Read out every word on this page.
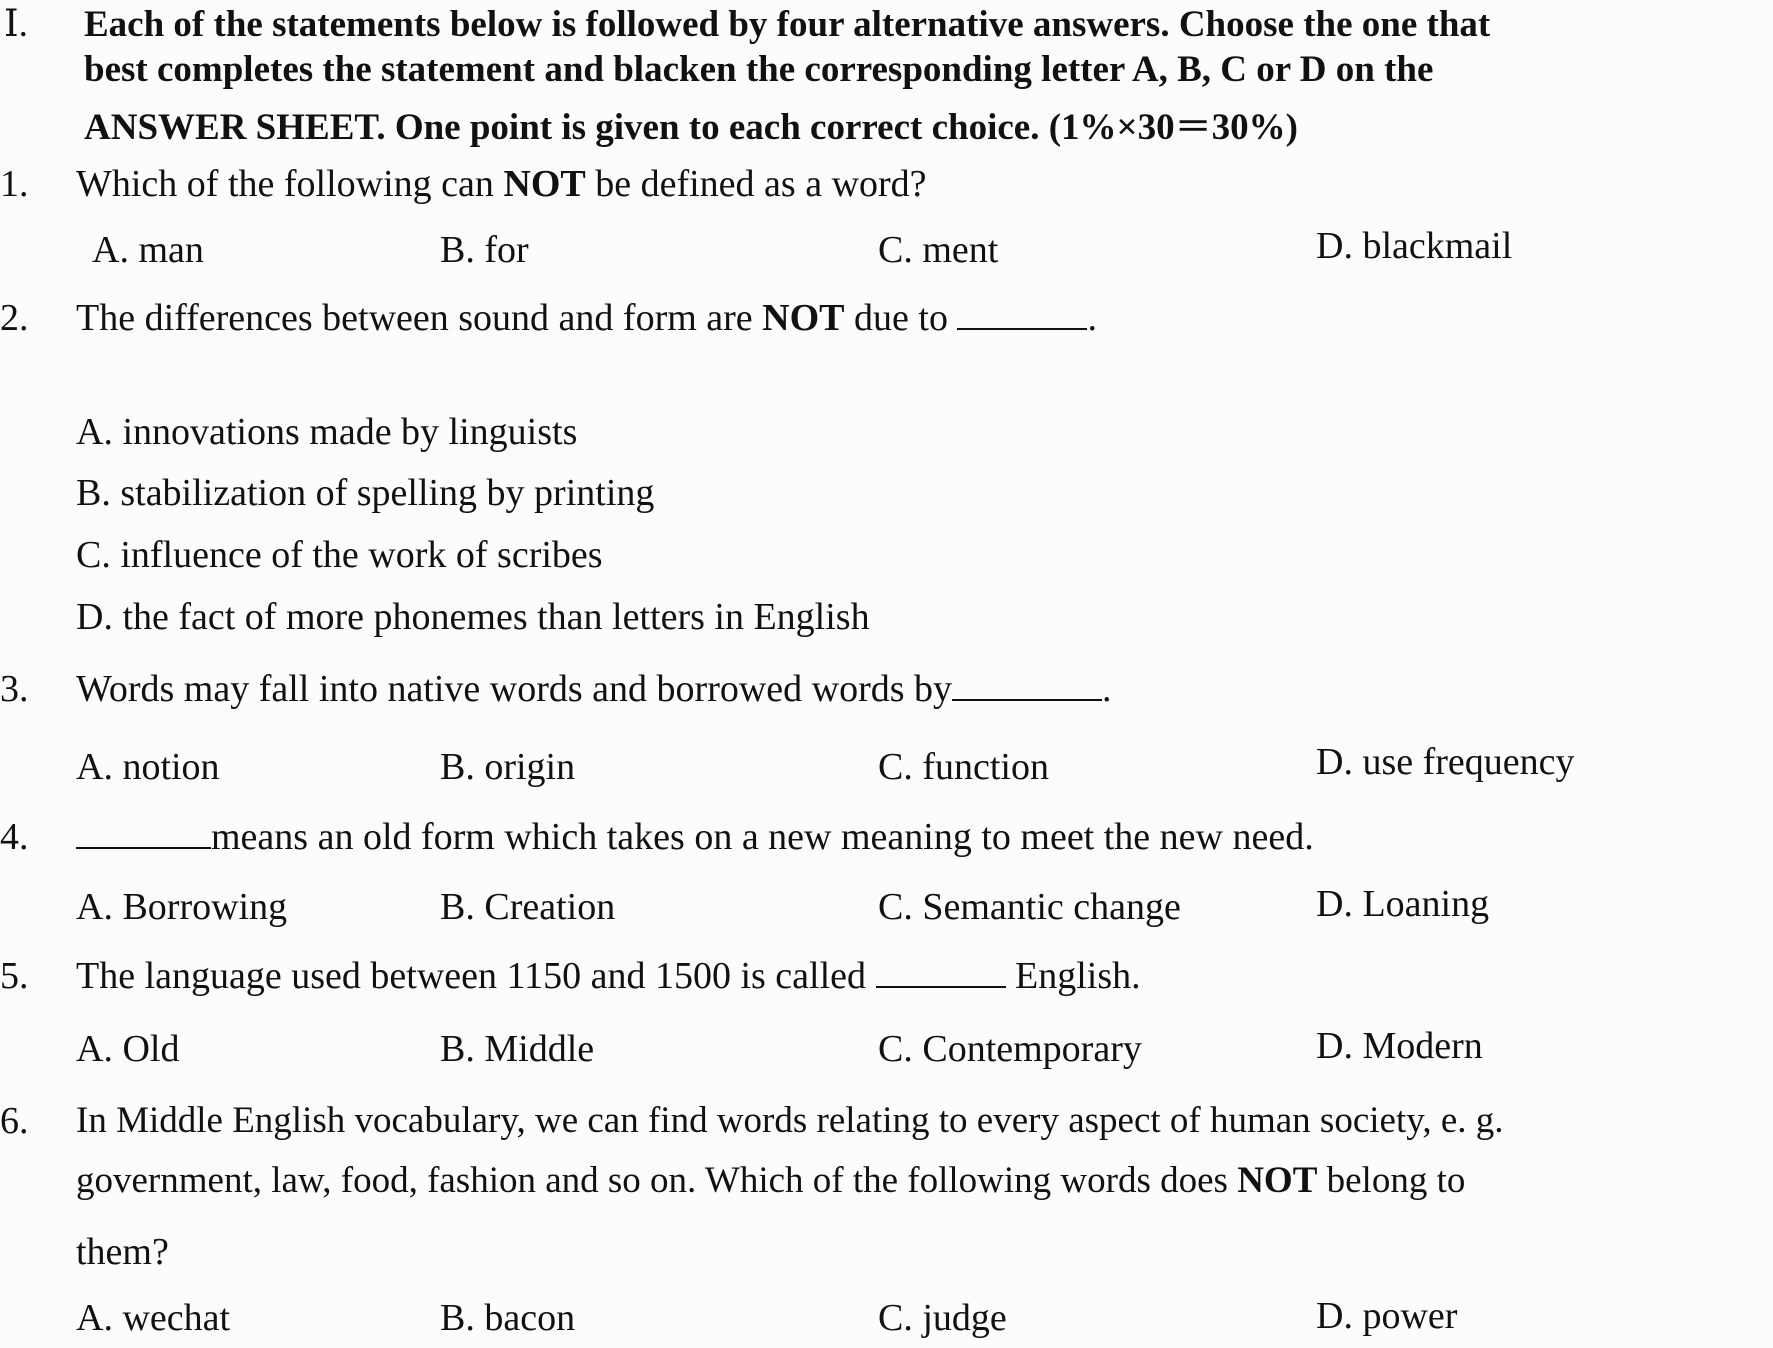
Ⅰ. Each of the statements below is followed by four alternative answers. Choose the one that
best completes the statement and blacken the corresponding letter A, B, C or D on the
ANSWER SHEET. One point is given to each correct choice. (1%×30＝30%)
1. Which of the following can NOT be defined as a word?
A. man	B. for	C. ment	D. blackmail
2. The differences between sound and form are NOT due to	.
A. innovations made by linguists
B. stabilization of spelling by printing
C. influence of the work of scribes
D. the fact of more phonemes than letters in English
3. Words may fall into native words and borrowed words by	.
A. notion	B. origin	C. function	D. use frequency
4.	means an old form which takes on a new meaning to meet the new need.
A. Borrowing	B. Creation	C. Semantic change	D. Loaning
5. The language used between 1150 and 1500 is called	English.
A. Old	B. Middle	C. Contemporary	D. Modern
6. In Middle English vocabulary, we can find words relating to every aspect of human society, e. g.
government, law, food, fashion and so on. Which of the following words does NOT belong to
them?
A. wechat	B. bacon	C. judge	D. power
